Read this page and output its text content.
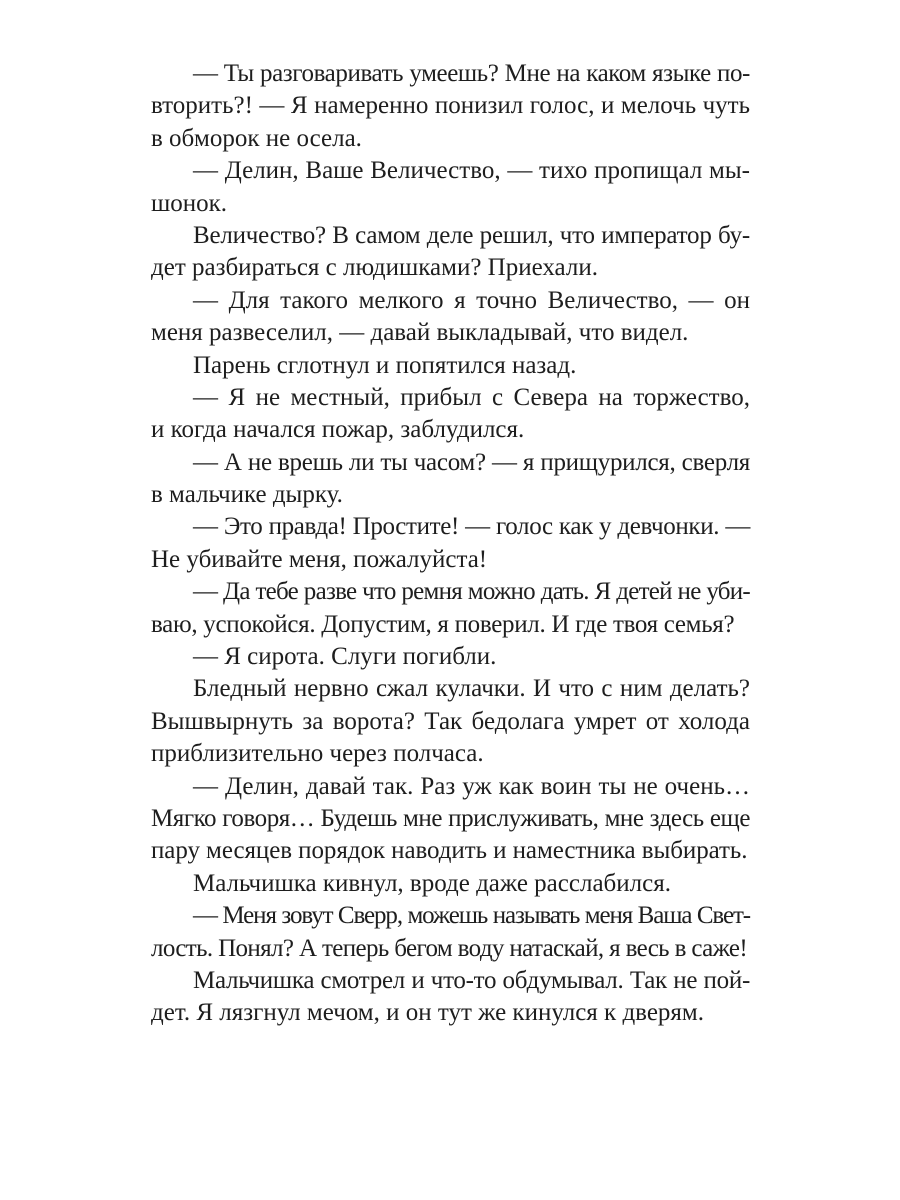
— Ты разговаривать умеешь? Мне на каком языке по-
вторить?! — Я намеренно понизил голос, и мелочь чуть
в обморок не осела.
— Делин, Ваше Величество, — тихо пропищал мы-
шонок.
Величество? В самом деле решил, что император бу-
дет разбираться с людишками? Приехали.
— Для такого мелкого я точно Величество, — он
меня развеселил, — давай выкладывай, что видел.
Парень сглотнул и попятился назад.
— Я не местный, прибыл с Севера на торжество,
и когда начался пожар, заблудился.
— А не врешь ли ты часом? — я прищурился, сверля
в мальчике дырку.
— Это правда! Простите! — голос как у девчонки. —
Не убивайте меня, пожалуйста!
— Да тебе разве что ремня можно дать. Я детей не уби-
ваю, успокойся. Допустим, я поверил. И где твоя семья?
— Я сирота. Слуги погибли.
Бледный нервно сжал кулачки. И что с ним делать?
Вышвырнуть за ворота? Так бедолага умрет от холода
приблизительно через полчаса.
— Делин, давай так. Раз уж как воин ты не очень…
Мягко говоря… Будешь мне прислуживать, мне здесь еще
пару месяцев порядок наводить и наместника выбирать.
Мальчишка кивнул, вроде даже расслабился.
— Меня зовут Сверр, можешь называть меня Ваша Свет-
лость. Понял? А теперь бегом воду натаскай, я весь в саже!
Мальчишка смотрел и что-то обдумывал. Так не пой-
дет. Я лязгнул мечом, и он тут же кинулся к дверям.
